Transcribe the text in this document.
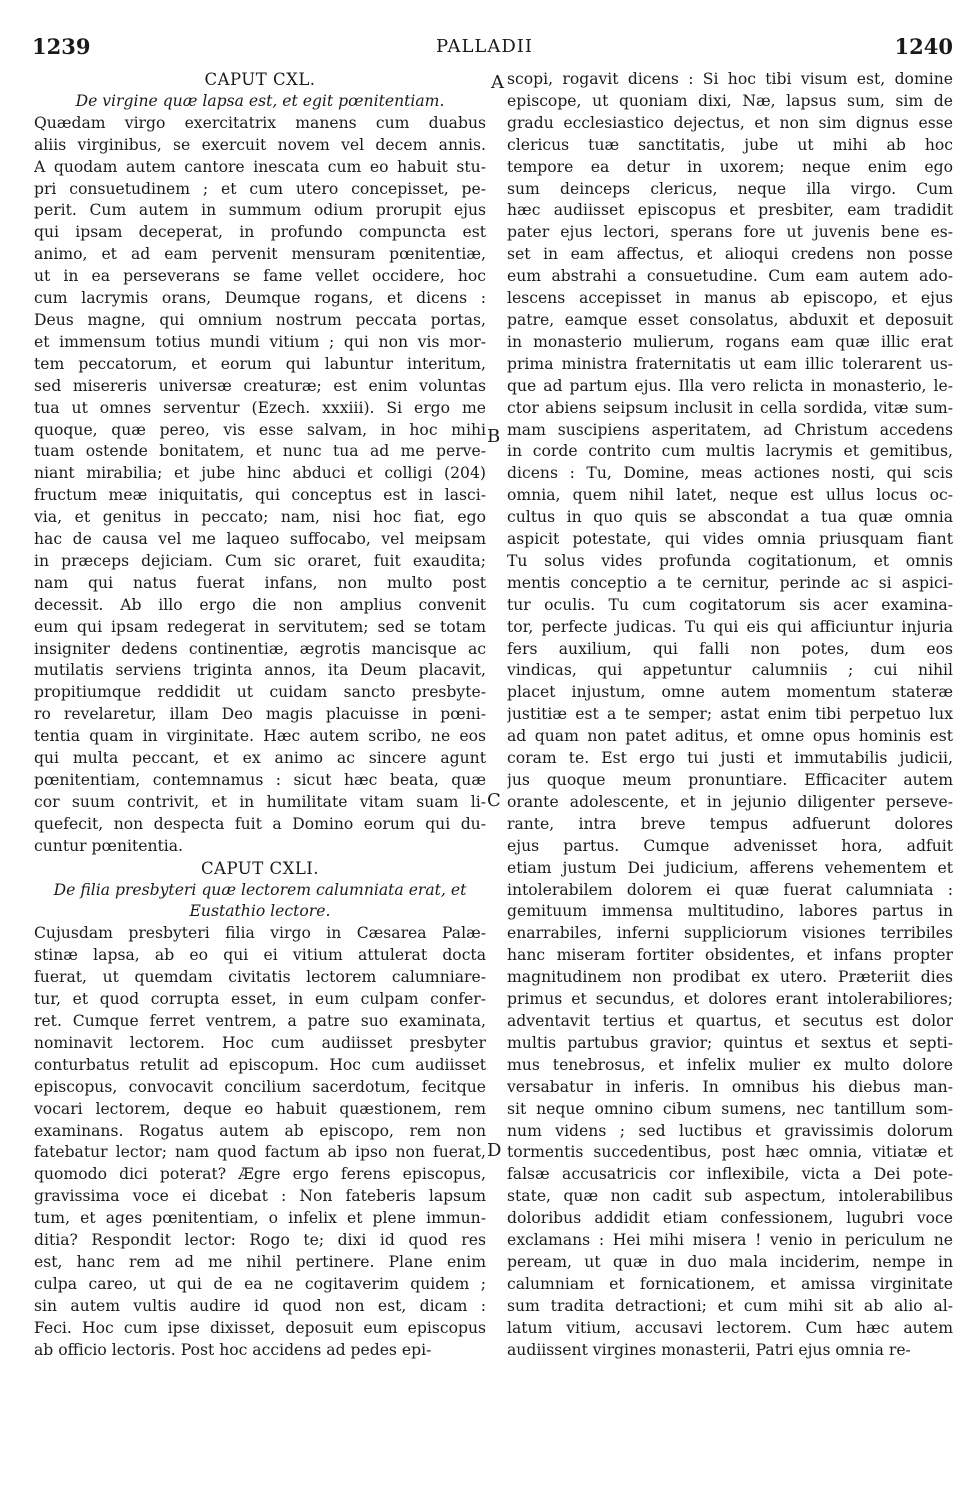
1239	PALLADII	1240
A
B
C
D
CAPUT CXL.
De virgine quæ lapsa est, et egit pœnitentiam.
Quædam virgo exercitatrix manens cum duabus
aliis virginibus, se exercuit novem vel decem annis.
A quodam autem cantore inescata cum eo habuit stu-
pri consuetudinem ; et cum utero concepisset, pe-
perit. Cum autem in summum odium prorupit ejus
qui ipsam deceperat, in profundo compuncta est
animo, et ad eam pervenit mensuram pœnitentiæ,
ut in ea perseverans se fame vellet occidere, hoc
cum lacrymis orans, Deumque rogans, et dicens :
Deus magne, qui omnium nostrum peccata portas,
et immensum totius mundi vitium ; qui non vis mor-
tem peccatorum, et eorum qui labuntur interitum,
sed misereris universæ creaturæ; est enim voluntas
tua ut omnes serventur (Ezech. xxxiii). Si ergo me
quoque, quæ pereo, vis esse salvam, in hoc mihi
tuam ostende bonitatem, et nunc tua ad me perve-
niant mirabilia; et jube hinc abduci et colligi (204)
fructum meæ iniquitatis, qui conceptus est in lasci-
via, et genitus in peccato; nam, nisi hoc fiat, ego
hac de causa vel me laqueo suffocabo, vel meipsam
in præceps dejiciam. Cum sic oraret, fuit exaudita;
nam qui natus fuerat infans, non multo post
decessit. Ab illo ergo die non amplius convenit
eum qui ipsam redegerat in servitutem; sed se totam
insigniter dedens continentiæ, ægrotis mancisque ac
mutilatis serviens triginta annos, ita Deum placavit,
propitiumque reddidit ut cuidam sancto presbyte-
ro revelaretur, illam Deo magis placuisse in pœni-
tentia quam in virginitate. Hæc autem scribo, ne eos
qui multa peccant, et ex animo ac sincere agunt
pœnitentiam, contemnamus : sicut hæc beata, quæ
cor suum contrivit, et in humilitate vitam suam li-
quefecit, non despecta fuit a Domino eorum qui du-
cuntur pœnitentia.
CAPUT CXLI.
De filia presbyteri quæ lectorem calumniata erat, et
Eustathio lectore.
Cujusdam presbyteri filia virgo in Cæsarea Palæ-
stinæ lapsa, ab eo qui ei vitium attulerat docta
fuerat, ut quemdam civitatis lectorem calumniare-
tur, et quod corrupta esset, in eum culpam confer-
ret. Cumque ferret ventrem, a patre suo examinata,
nominavit lectorem. Hoc cum audiisset presbyter
conturbatus retulit ad episcopum. Hoc cum audiisset
episcopus, convocavit concilium sacerdotum, fecitque
vocari lectorem, deque eo habuit quæstionem, rem
examinans. Rogatus autem ab episcopo, rem non
fatebatur lector; nam quod factum ab ipso non fuerat,
quomodo dici poterat? Ægre ergo ferens episcopus,
gravissima voce ei dicebat : Non fateberis lapsum
tum, et ages pœnitentiam, o infelix et plene immun-
ditia? Respondit lector: Rogo te; dixi id quod res
est, hanc rem ad me nihil pertinere. Plane enim
culpa careo, ut qui de ea ne cogitaverim quidem ;
sin autem vultis audire id quod non est, dicam :
Feci. Hoc cum ipse dixisset, deposuit eum episcopus
ab officio lectoris. Post hoc accidens ad pedes epi-
scopi, rogavit dicens : Si hoc tibi visum est, domine
episcope, ut quoniam dixi, Næ, lapsus sum, sim de
gradu ecclesiastico dejectus, et non sim dignus esse
clericus tuæ sanctitatis, jube ut mihi ab hoc
tempore ea detur in uxorem; neque enim ego
sum deinceps clericus, neque illa virgo. Cum
hæc audiisset episcopus et presbiter, eam tradidit
pater ejus lectori, sperans fore ut juvenis bene es-
set in eam affectus, et alioqui credens non posse
eum abstrahi a consuetudine. Cum eam autem ado-
lescens accepisset in manus ab episcopo, et ejus
patre, eamque esset consolatus, abduxit et deposuit
in monasterio mulierum, rogans eam quæ illic erat
prima ministra fraternitatis ut eam illic tolerarent us-
que ad partum ejus. Illa vero relicta in monasterio, le-
ctor abiens seipsum inclusit in cella sordida, vitæ sum-
mam suscipiens asperitatem, ad Christum accedens
in corde contrito cum multis lacrymis et gemitibus,
dicens : Tu, Domine, meas actiones nosti, qui scis
omnia, quem nihil latet, neque est ullus locus oc-
cultus in quo quis se abscondat a tua quæ omnia
aspicit potestate, qui vides omnia priusquam fiant
Tu solus vides profunda cogitationum, et omnis
mentis conceptio a te cernitur, perinde ac si aspici-
tur oculis. Tu cum cogitatorum sis acer examina-
tor, perfecte judicas. Tu qui eis qui afficiuntur injuria
fers auxilium, qui falli non potes, dum eos
vindicas, qui appetuntur calumniis ; cui nihil
placet injustum, omne autem momentum stateræ
justitiæ est a te semper; astat enim tibi perpetuo lux
ad quam non patet aditus, et omne opus hominis est
coram te. Est ergo tui justi et immutabilis judicii,
jus quoque meum pronuntiare. Efficaciter autem
orante adolescente, et in jejunio diligenter perseve-
rante, intra breve tempus adfuerunt dolores
ejus partus. Cumque advenisset hora, adfuit
etiam justum Dei judicium, afferens vehementem et
intolerabilem dolorem ei quæ fuerat calumniata :
gemituum immensa multitudino, labores partus in
enarrabiles, inferni suppliciorum visiones terribiles
hanc miseram fortiter obsidentes, et infans propter
magnitudinem non prodibat ex utero. Præteriit dies
primus et secundus, et dolores erant intolerabiliores;
adventavit tertius et quartus, et secutus est dolor
multis partubus gravior; quintus et sextus et septi-
mus tenebrosus, et infelix mulier ex multo dolore
versabatur in inferis. In omnibus his diebus man-
sit neque omnino cibum sumens, nec tantillum som-
num videns ; sed luctibus et gravissimis dolorum
tormentis succedentibus, post hæc omnia, vitiatæ et
falsæ accusatricis cor inflexibile, victa a Dei pote-
state, quæ non cadit sub aspectum, intolerabilibus
doloribus addidit etiam confessionem, lugubri voce
exclamans : Hei mihi misera ! venio in periculum ne
peream, ut quæ in duo mala inciderim, nempe in
calumniam et fornicationem, et amissa virginitate
sum tradita detractioni; et cum mihi sit ab alio al-
latum vitium, accusavi lectorem. Cum hæc autem
audiissent virgines monasterii, Patri ejus omnia re-
